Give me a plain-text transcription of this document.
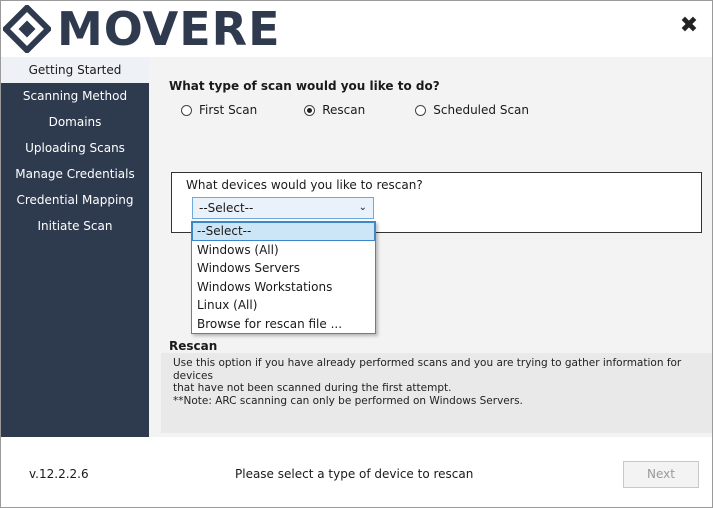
MOVERE	✖
Getting Started
Scanning Method
Domains
Uploading Scans
Manage Credentials
Credential Mapping
Initiate Scan
What type of scan would you like to do?
First Scan	Rescan	Scheduled Scan
What devices would you like to rescan?
--Select--	⌄
--Select--
Windows (All)
Windows Servers
Windows Workstations
Linux (All)
Browse for rescan file ...
Rescan
Use this option if you have already performed scans and you are trying to gather information for devices
that have not been scanned during the first attempt.
**Note: ARC scanning can only be performed on Windows Servers.
v.12.2.2.6	Please select a type of device to rescan	Next
